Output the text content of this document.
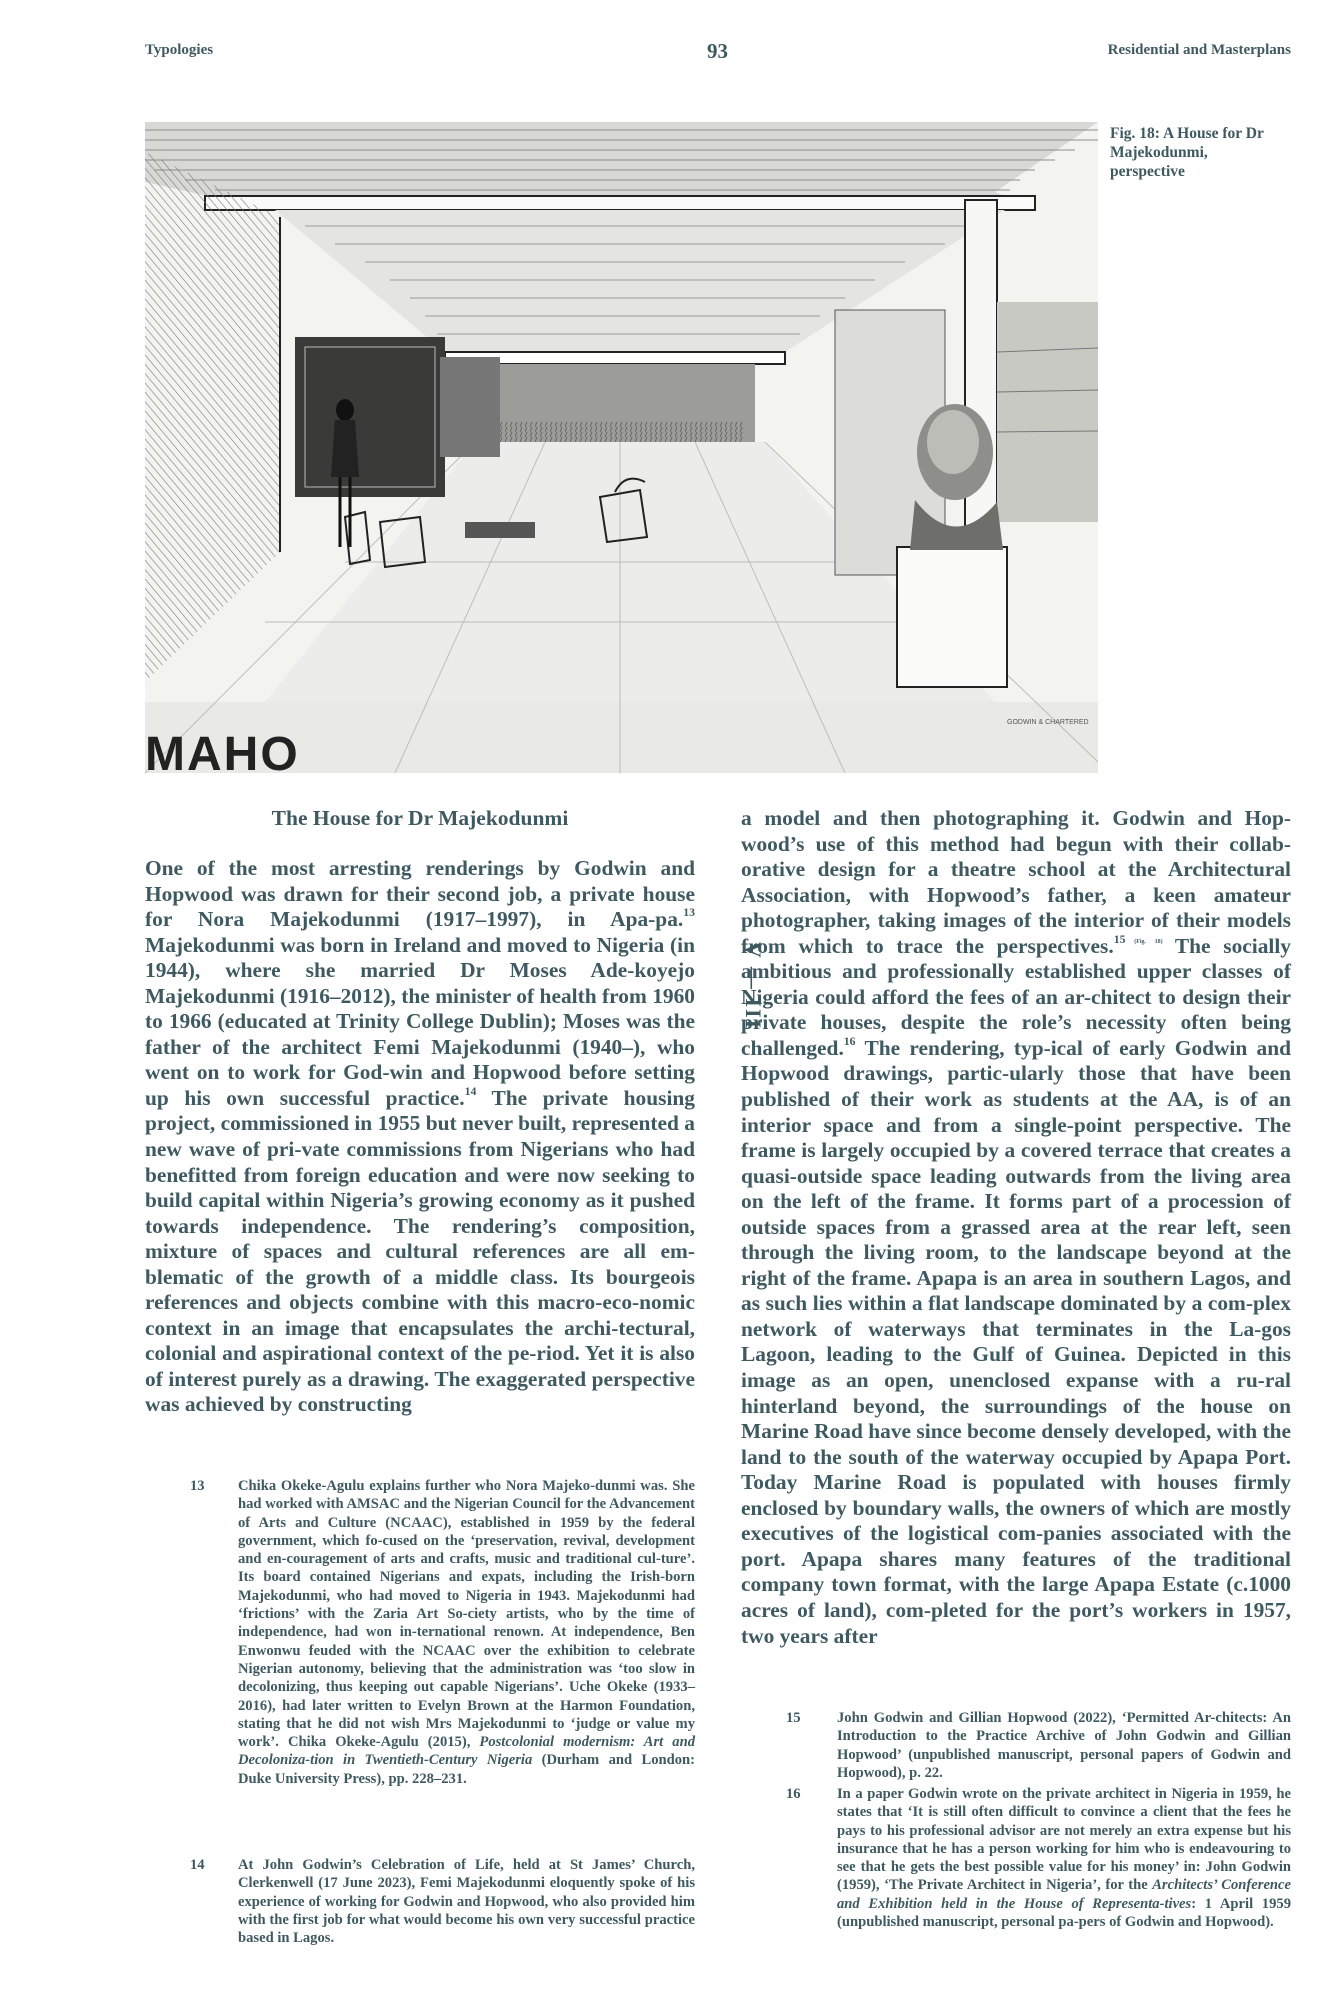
Typologies	93	Residential and Masterplans
MAHO
GODWIN & CHARTERED
Fig. 18: A House for Dr Majekodunmi, perspective
V — III
The House for Dr Majekodunmi

One of the most arresting renderings by Godwin and Hopwood was drawn for their second job, a private house for Nora Majekodunmi (1917–1997), in Apa-pa.$^{13}$ Majekodunmi was born in Ireland and moved to Nigeria (in 1944), where she married Dr Moses Ade-koyejo Majekodunmi (1916–2012), the minister of health from 1960 to 1966 (educated at Trinity College Dublin); Moses was the father of the architect Femi Majekodunmi (1940–), who went on to work for God-win and Hopwood before setting up his own successful practice.$^{14}$ The private housing project, commissioned in 1955 but never built, represented a new wave of pri-vate commissions from Nigerians who had benefitted from foreign education and were now seeking to build capital within Nigeria’s growing economy as it pushed towards independence. The rendering’s composition, mixture of spaces and cultural references are all em-blematic of the growth of a middle class. Its bourgeois references and objects combine with this macro-eco-nomic context in an image that encapsulates the archi-tectural, colonial and aspirational context of the pe-riod. Yet it is also of interest purely as a drawing. The exaggerated perspective was achieved by constructing

a model and then photographing it. Godwin and Hop-wood’s use of this method had begun with their collab-orative design for a theatre school at the Architectural Association, with Hopwood’s father, a keen amateur photographer, taking images of the interior of their models from which to trace the perspectives.$^{15 (Fig. 18)}$ The socially ambitious and professionally established upper classes of Nigeria could afford the fees of an ar-chitect to design their private houses, despite the role’s necessity often being challenged.$^{16}$ The rendering, typ-ical of early Godwin and Hopwood drawings, partic-ularly those that have been published of their work as students at the AA, is of an interior space and from a single-point perspective. The frame is largely occupied by a covered terrace that creates a quasi-outside space leading outwards from the living area on the left of the frame. It forms part of a procession of outside spaces from a grassed area at the rear left, seen through the living room, to the landscape beyond at the right of the frame. Apapa is an area in southern Lagos, and as such lies within a flat landscape dominated by a com-plex network of waterways that terminates in the La-gos Lagoon, leading to the Gulf of Guinea. Depicted in this image as an open, unenclosed expanse with a ru-ral hinterland beyond, the surroundings of the house on Marine Road have since become densely developed, with the land to the south of the waterway occupied by Apapa Port. Today Marine Road is populated with houses firmly enclosed by boundary walls, the owners of which are mostly executives of the logistical com-panies associated with the port. Apapa shares many features of the traditional company town format, with the large Apapa Estate (c.1000 acres of land), com-pleted for the port’s workers in 1957, two years after

13	Chika Okeke-Agulu explains further who Nora Majeko-dunmi was. She had worked with AMSAC and the Nigerian Council for the Advancement of Arts and Culture (NCAAC), established in 1959 by the federal government, which fo-cused on the ‘preservation, revival, development and en-couragement of arts and crafts, music and traditional cul-ture’. Its board contained Nigerians and expats, including the Irish-born Majekodunmi, who had moved to Nigeria in 1943. Majekodunmi had ‘frictions’ with the Zaria Art So-ciety artists, who by the time of independence, had won in-ternational renown. At independence, Ben Enwonwu feuded with the NCAAC over the exhibition to celebrate Nigerian autonomy, believing that the administration was ‘too slow in decolonizing, thus keeping out capable Nigerians’. Uche Okeke (1933–2016), had later written to Evelyn Brown at the Harmon Foundation, stating that he did not wish Mrs Majekodunmi to ‘judge or value my work’. Chika Okeke-Agulu (2015), Postcolonial modernism: Art and Decoloniza-tion in Twentieth-Century Nigeria (Durham and London: Duke University Press), pp. 228–231.
14	At John Godwin’s Celebration of Life, held at St James’ Church, Clerkenwell (17 June 2023), Femi Majekodunmi eloquently spoke of his experience of working for Godwin and Hopwood, who also provided him with the first job for what would become his own very successful practice based in Lagos.
15	John Godwin and Gillian Hopwood (2022), ‘Permitted Ar-chitects: An Introduction to the Practice Archive of John Godwin and Gillian Hopwood’ (unpublished manuscript, personal papers of Godwin and Hopwood), p. 22.
16	In a paper Godwin wrote on the private architect in Nigeria in 1959, he states that ‘It is still often difficult to convince a client that the fees he pays to his professional advisor are not merely an extra expense but his insurance that he has a person working for him who is endeavouring to see that he gets the best possible value for his money’ in: John Godwin (1959), ‘The Private Architect in Nigeria’, for the Architects’ Conference and Exhibition held in the House of Representa-tives: 1 April 1959 (unpublished manuscript, personal pa-pers of Godwin and Hopwood).
